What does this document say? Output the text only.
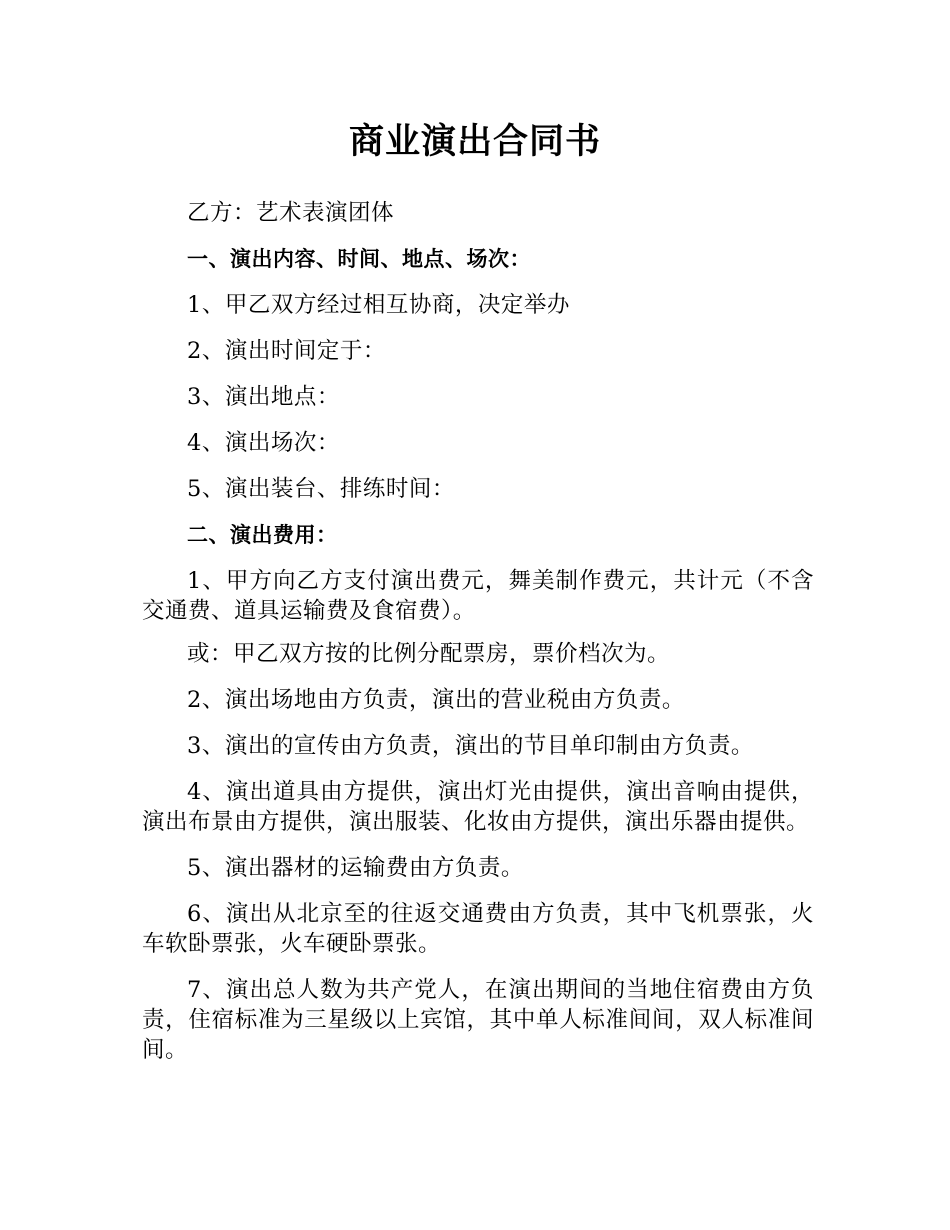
商业演出合同书

乙方：艺术表演团体

一、演出内容、时间、地点、场次：

1、甲乙双方经过相互协商，决定举办

2、演出时间定于：

3、演出地点：

4、演出场次：

5、演出装台、排练时间：

二、演出费用：

1、甲方向乙方支付演出费元，舞美制作费元，共计元（不含交通费、道具运输费及食宿费）。

或：甲乙双方按的比例分配票房，票价档次为。

2、演出场地由方负责，演出的营业税由方负责。

3、演出的宣传由方负责，演出的节目单印制由方负责。

4、演出道具由方提供，演出灯光由提供，演出音响由提供，演出布景由方提供，演出服装、化妆由方提供，演出乐器由提供。

5、演出器材的运输费由方负责。

6、演出从北京至的往返交通费由方负责，其中飞机票张，火车软卧票张，火车硬卧票张。

7、演出总人数为共产党人，在演出期间的当地住宿费由方负责，住宿标准为三星级以上宾馆，其中单人标准间间，双人标准间间。
